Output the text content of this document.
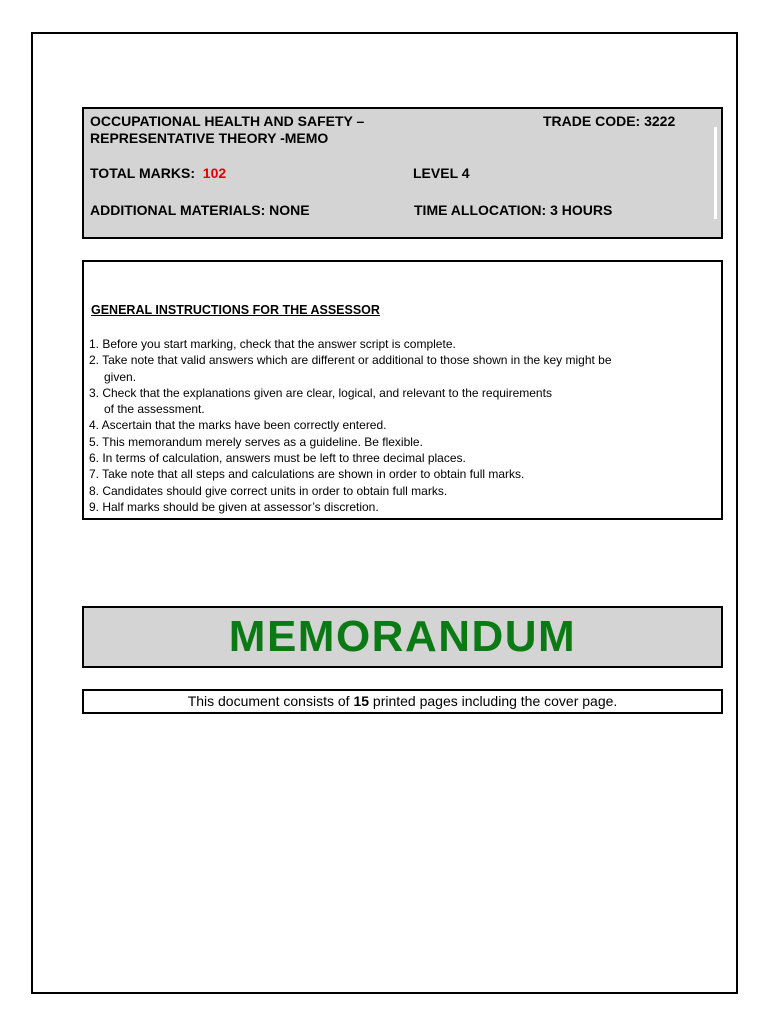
OCCUPATIONAL HEALTH AND SAFETY –
REPRESENTATIVE THEORY -MEMO
TRADE CODE: 3222
TOTAL MARKS: 102	LEVEL 4
ADDITIONAL MATERIALS: NONE	TIME ALLOCATION: 3 HOURS
GENERAL INSTRUCTIONS FOR THE ASSESSOR
1. Before you start marking, check that the answer script is complete.
2. Take note that valid answers which are different or additional to those shown in the key might be
given.
3. Check that the explanations given are clear, logical, and relevant to the requirements
of the assessment.
4. Ascertain that the marks have been correctly entered.
5. This memorandum merely serves as a guideline. Be flexible.
6. In terms of calculation, answers must be left to three decimal places.
7. Take note that all steps and calculations are shown in order to obtain full marks.
8. Candidates should give correct units in order to obtain full marks.
9. Half marks should be given at assessor’s discretion.
MEMORANDUM
This document consists of 15 printed pages including the cover page.
